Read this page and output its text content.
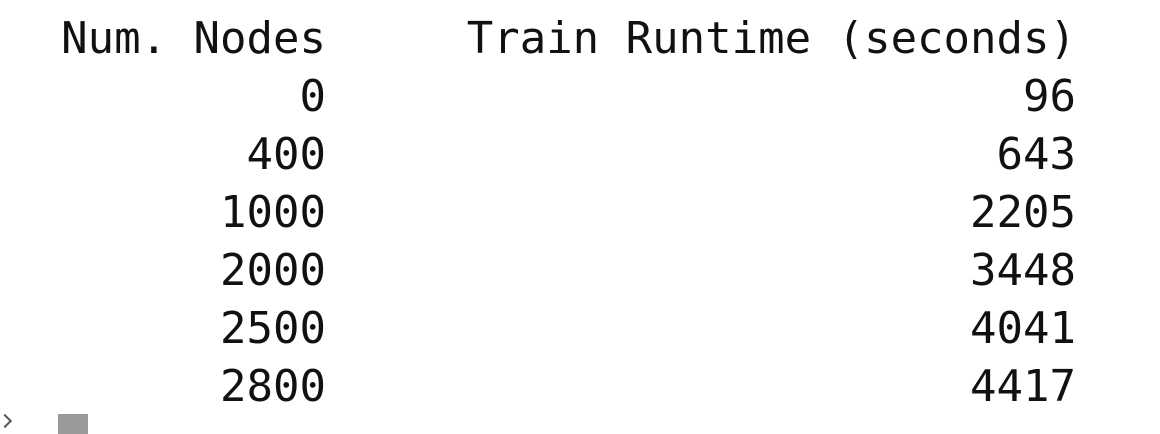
Num. Nodes	Train Runtime (seconds)
0	96
400	643
1000	2205
2000	3448
2500	4041
2800	4417
